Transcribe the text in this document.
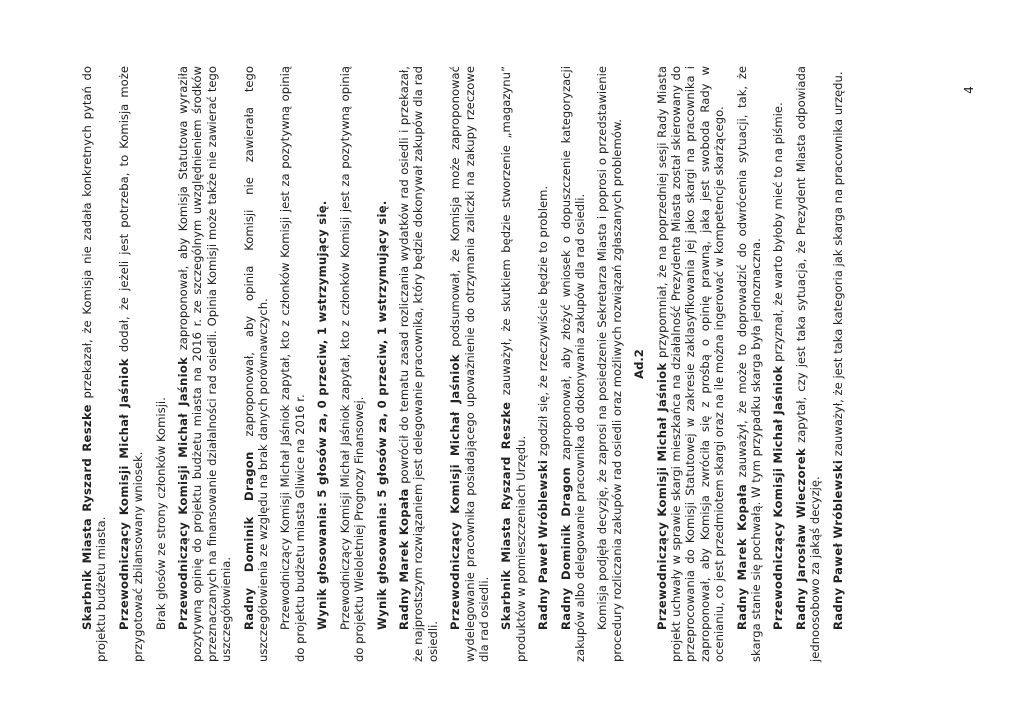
Skarbnik Miasta Ryszard Reszke przekazał, że Komisja nie zadała konkretnych pytań do projektu budżetu miasta. Przewodniczący Komisji Michał Jaśniok dodał, że jeżeli jest potrzeba, to Komisja może przygotować zbilansowany wniosek. Brak głosów ze strony członków Komisji. Przewodniczący Komisji Michał Jaśniok zaproponował, aby Komisja Statutowa wyraziła pozytywną opinię do projektu budżetu miasta na 2016 r. ze szczególnym uwzględnieniem środków przeznaczanych na finansowanie działalności rad osiedli. Opinia Komisji może także nie zawierać tego uszczegółowienia. Radny Dominik Dragon zaproponował, aby opinia Komisji nie zawierała tego uszczegółowienia ze względu na brak danych porównawczych. Przewodniczący Komisji Michał Jaśniok zapytał, kto z członków Komisji jest za pozytywną opinią do projektu budżetu miasta Gliwice na 2016 r. Wynik głosowania: 5 głosów za, 0 przeciw, 1 wstrzymujący się. Przewodniczący Komisji Michał Jaśniok zapytał, kto z członków Komisji jest za pozytywną opinią do projektu Wieloletniej Prognozy Finansowej. Wynik głosowania: 5 głosów za, 0 przeciw, 1 wstrzymujący się. Radny Marek Kopała powrócił do tematu zasad rozliczania wydatków rad osiedli i przekazał, że najprostszym rozwiązaniem jest delegowanie pracownika, który będzie dokonywał zakupów dla rad osiedli.

Przewodniczący Komisji Michał Jaśniok podsumował, że Komisja może zaproponować wydelegowanie pracownika posiadającego upoważnienie do otrzymania zaliczki na zakupy rzeczowe dla rad osiedli. Skarbnik Miasta Ryszard Reszke zauważył, że skutkiem będzie stworzenie „magazynu” produktów w pomieszczeniach Urzędu. Radny Paweł Wróblewski zgodził się, że rzeczywiście będzie to problem.

Radny Dominik Dragon zaproponował, aby złożyć wniosek o dopuszczenie kategoryzacji zakupów albo delegowanie pracownika do dokonywania zakupów dla rad osiedli. Komisja podjęła decyzję, że zaprosi na posiedzenie Sekretarza Miasta i poprosi o przedstawienie procedury rozliczania zakupów rad osiedli oraz możliwych rozwiązań zgłaszanych problemów. Ad.2 Przewodniczący Komisji Michał Jaśniok przypomniał, że na poprzedniej sesji Rady Miasta projekt uchwały w sprawie skargi mieszkańca na działalność Prezydenta Miasta został skierowany do przeprocowania do Komisji Statutowej w zakresie zaklasyfikowania jej jako skargi na pracownika i zaproponował, aby Komisja zwróciła się z prośbą o opinię prawną, jaka jest swoboda Rady w ocenianiu, co jest przedmiotem skargi oraz na ile można ingerować w kompetencje skarżącego. Radny Marek Kopała zauważył, że może to doprowadzić do odwrócenia sytuacji, tak, że skarga stanie się pochwałą. W tym przypadku skarga była jednoznaczna. Przewodniczący Komisji Michał Jaśniok przyznał, że warto byłoby mieć to na piśmie.

Radny Jarosław Wieczorek zapytał, czy jest taka sytuacja, że Prezydent Miasta odpowiada jednoosobowo za jakąś decyzję. Radny Paweł Wróblewski zauważył, że jest taka kategoria jak skarga na pracownika urzędu.	4
